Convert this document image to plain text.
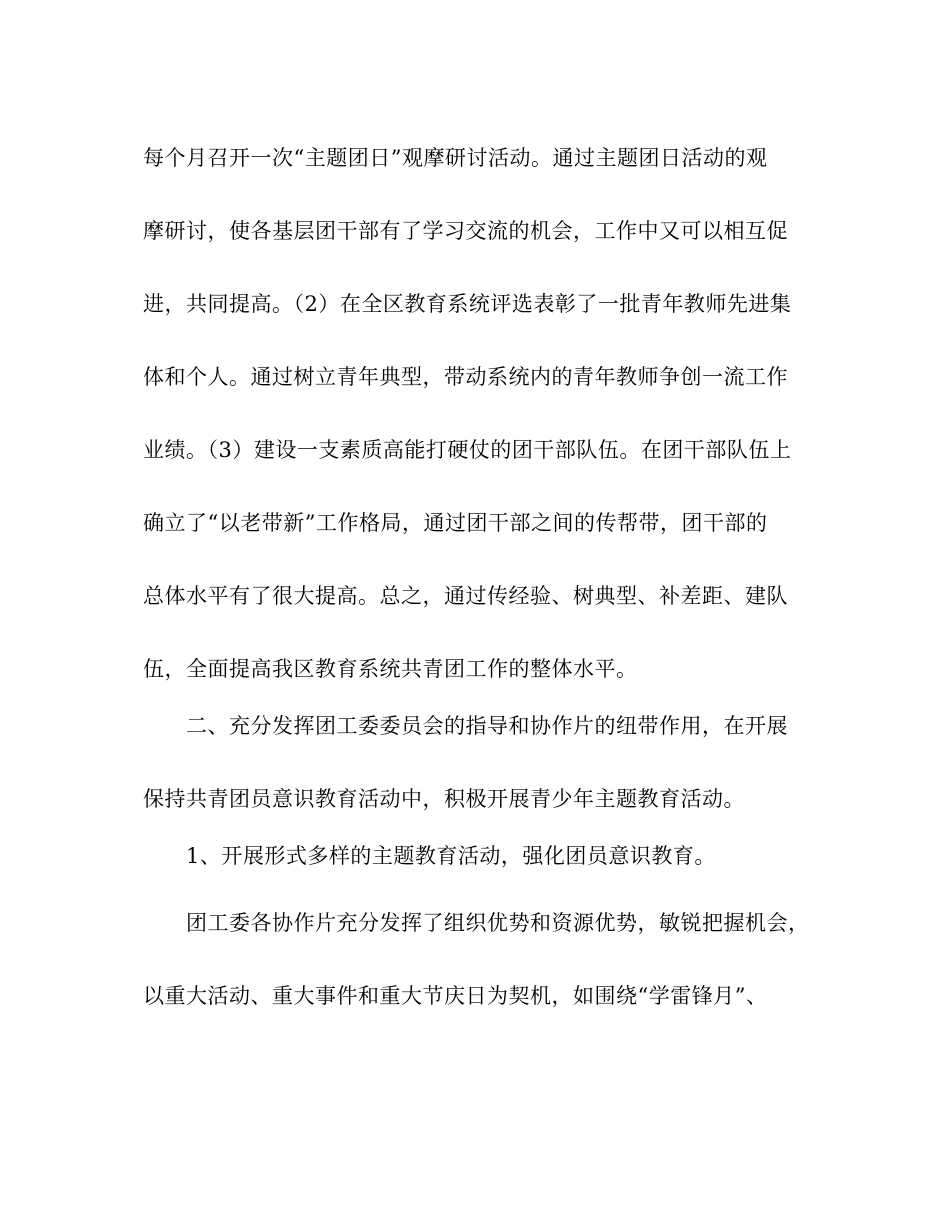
每个月召开一次“主题团日”观摩研讨活动。通过主题团日活动的观
摩研讨，使各基层团干部有了学习交流的机会，工作中又可以相互促
进，共同提高。（2）在全区教育系统评选表彰了一批青年教师先进集
体和个人。通过树立青年典型，带动系统内的青年教师争创一流工作
业绩。（3）建设一支素质高能打硬仗的团干部队伍。在团干部队伍上
确立了“以老带新”工作格局，通过团干部之间的传帮带，团干部的
总体水平有了很大提高。总之，通过传经验、树典型、补差距、建队
伍，全面提高我区教育系统共青团工作的整体水平。
二、充分发挥团工委委员会的指导和协作片的纽带作用，在开展
保持共青团员意识教育活动中，积极开展青少年主题教育活动。
1、开展形式多样的主题教育活动，强化团员意识教育。
团工委各协作片充分发挥了组织优势和资源优势，敏锐把握机会，
以重大活动、重大事件和重大节庆日为契机，如围绕“学雷锋月”、
